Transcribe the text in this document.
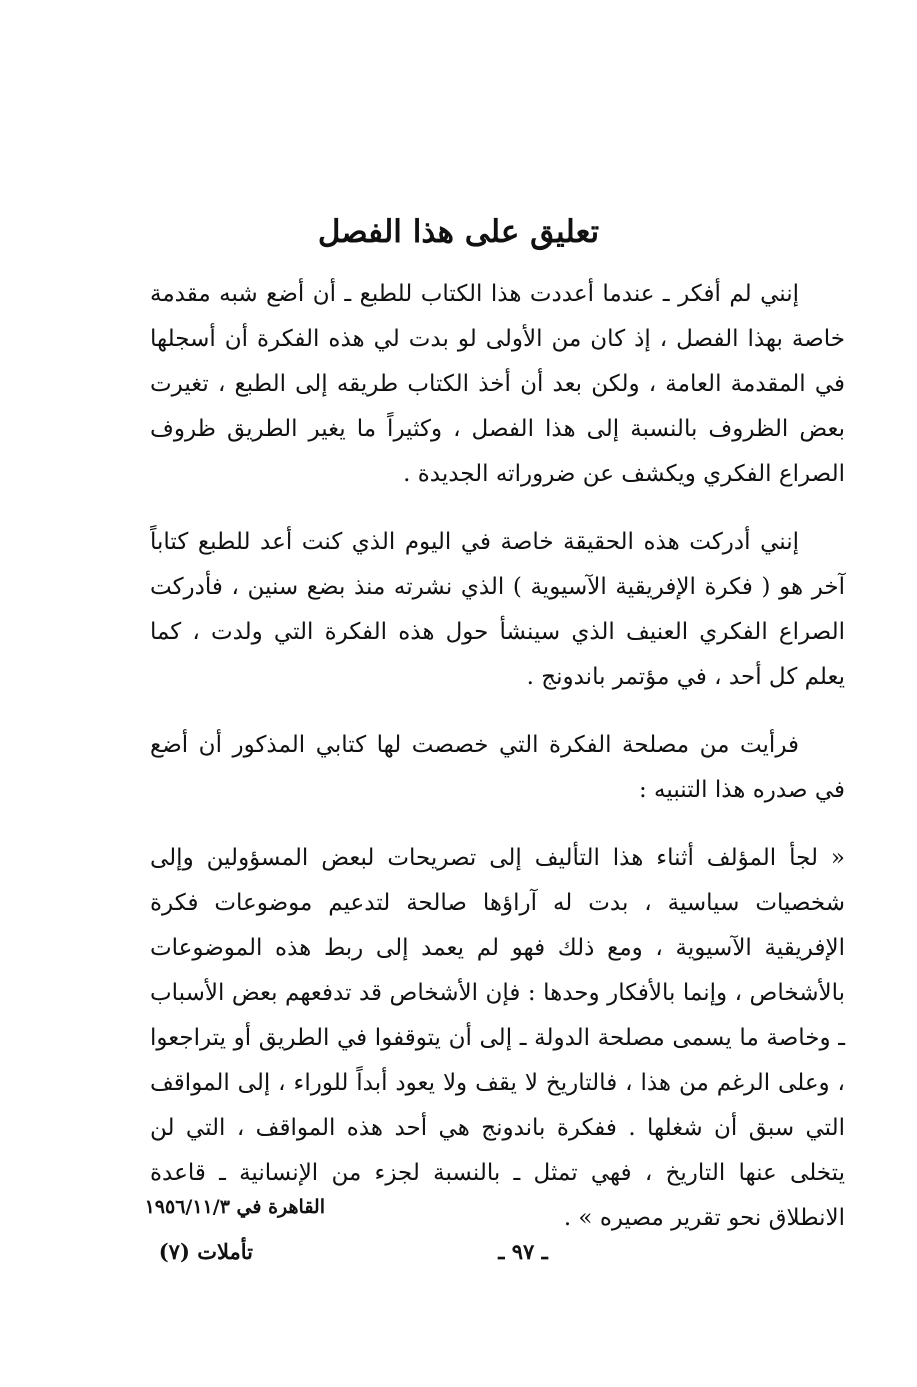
تعليق على هذا الفصل

إنني لم أفكر ـ عندما أعددت هذا الكتاب للطبع ـ أن أضع شبه مقدمة خاصة بهذا الفصل ، إذ كان من الأولى لو بدت لي هذه الفكرة أن أسجلها في المقدمة العامة ، ولكن بعد أن أخذ الكتاب طريقه إلى الطبع ، تغيرت بعض الظروف بالنسبة إلى هذا الفصل ، وكثيراً ما يغير الطريق ظروف الصراع الفكري ويكشف عن ضروراته الجديدة .

إنني أدركت هذه الحقيقة خاصة في اليوم الذي كنت أعد للطبع كتاباً آخر هو ( فكرة الإفريقية الآسيوية ) الذي نشرته منذ بضع سنين ، فأدركت الصراع الفكري العنيف الذي سينشأ حول هذه الفكرة التي ولدت ، كما يعلم كل أحد ، في مؤتمر باندونج .

فرأيت من مصلحة الفكرة التي خصصت لها كتابي المذكور أن أضع في صدره هذا التنبيه :

« لجأ المؤلف أثناء هذا التأليف إلى تصريحات لبعض المسؤولين وإلى شخصيات سياسية ، بدت له آراؤها صالحة لتدعيم موضوعات فكرة الإفريقية الآسيوية ، ومع ذلك فهو لم يعمد إلى ربط هذه الموضوعات بالأشخاص ، وإنما بالأفكار وحدها : فإن الأشخاص قد تدفعهم بعض الأسباب ـ وخاصة ما يسمى مصلحة الدولة ـ إلى أن يتوقفوا في الطريق أو يتراجعوا ، وعلى الرغم من هذا ، فالتاريخ لا يقف ولا يعود أبداً للوراء ، إلى المواقف التي سبق أن شغلها . ففكرة باندونج هي أحد هذه المواقف ، التي لن يتخلى عنها التاريخ ، فهي تمثل ـ بالنسبة لجزء من الإنسانية ـ قاعدة الانطلاق نحو تقرير مصيره » .

القاهرة في ١٩٥٦/١١/٣
تأملات (٧)	ـ ٩٧ ـ
